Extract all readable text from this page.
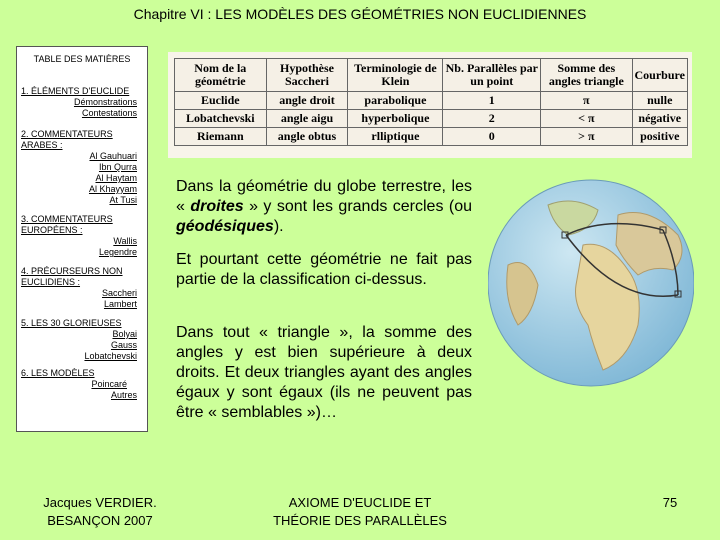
Chapitre VI : LES MODÈLES DES GÉOMÉTRIES NON EUCLIDIENNES
TABLE DES MATIÈRES
1. ÉLÉMENTS D'EUCLIDE
Démonstrations
Contestations
2. COMMENTATEURS ARABES :
Al Gauhuari
Ibn Qurra
Al Haytam
Al Khayyam
At Tusi
3. COMMENTATEURS EUROPÉENS :
Wallis
Legendre
4. PRÉCURSEURS NON EUCLIDIENS :
Saccheri
Lambert
5. LES 30 GLORIEUSES
Bolyai
Gauss
Lobatchevski
6. LES MODÈLES
Poincaré
Autres
Nom de la géométrie	Hypothèse Saccheri	Terminologie de Klein	Nb. Parallèles par un point	Somme des angles triangle	Courbure
Euclide	angle droit	parabolique	1	π	nulle
Lobatchevski	angle aigu	hyperbolique	2	< π	négative
Riemann	angle obtus	rlliptique	0	> π	positive
Dans la géométrie du globe terrestre, les « droites » y sont les grands cercles (ou géodésiques).
Et pourtant cette géométrie ne fait pas partie de la classification ci-dessus.
Dans tout « triangle », la somme des angles y est bien supérieure à deux droits. Et deux triangles ayant des angles égaux y sont égaux (ils ne peuvent pas être « semblables »)…
Jacques VERDIER.
BESANÇON 2007
AXIOME D'EUCLIDE ET
THÉORIE DES PARALLÈLES
75
